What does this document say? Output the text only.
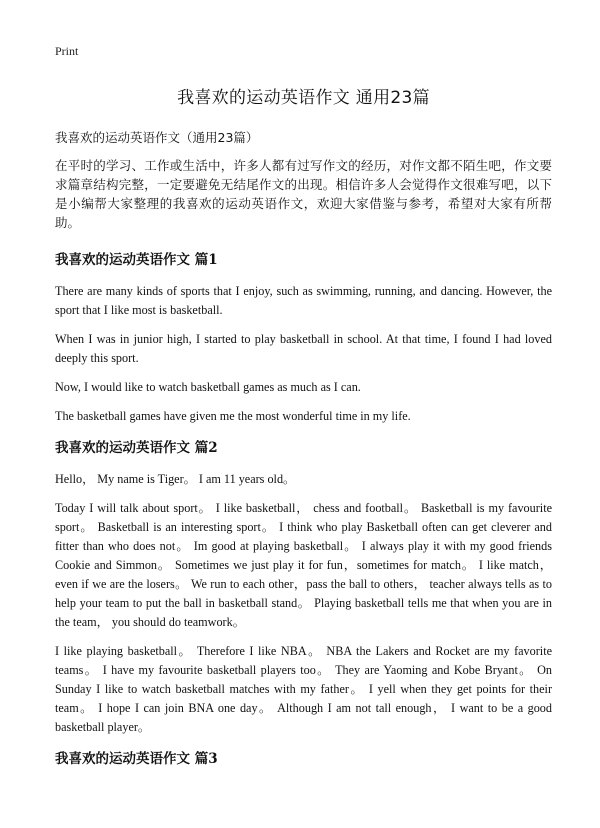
Print
我喜欢的运动英语作文 通用23篇

我喜欢的运动英语作文（通用23篇）

在平时的学习、工作或生活中，许多人都有过写作文的经历，对作文都不陌生吧，作文要求篇章结构完整，一定要避免无结尾作文的出现。相信许多人会觉得作文很难写吧，以下是小编帮大家整理的我喜欢的运动英语作文，欢迎大家借鉴与参考，希望对大家有所帮助。

我喜欢的运动英语作文 篇1

There are many kinds of sports that I enjoy, such as swimming, running, and dancing. However, the sport that I like most is basketball.

When I was in junior high, I started to play basketball in school. At that time, I found I had loved deeply this sport.

Now, I would like to watch basketball games as much as I can.

The basketball games have given me the most wonderful time in my life.

我喜欢的运动英语作文 篇2

Hello， My name is Tiger。 I am 11 years old。

Today I will talk about sport。 I like basketball， chess and football。 Basketball is my favourite sport。 Basketball is an interesting sport。 I think who play Basketball often can get cleverer and fitter than who does not。 Im good at playing basketball。 I always play it with my good friends Cookie and Simmon。 Sometimes we just play it for fun，sometimes for match。 I like match， even if we are the losers。 We run to each other，pass the ball to others， teacher always tells as to help your team to put the ball in basketball stand。 Playing basketball tells me that when you are in the team， you should do teamwork。

I like playing basketball。 Therefore I like NBA。 NBA the Lakers and Rocket are my favorite teams。 I have my favourite basketball players too。 They are Yaoming and Kobe Bryant。 On Sunday I like to watch basketball matches with my father。 I yell when they get points for their team。 I hope I can join BNA one day。 Although I am not tall enough， I want to be a good basketball player。

我喜欢的运动英语作文 篇3
